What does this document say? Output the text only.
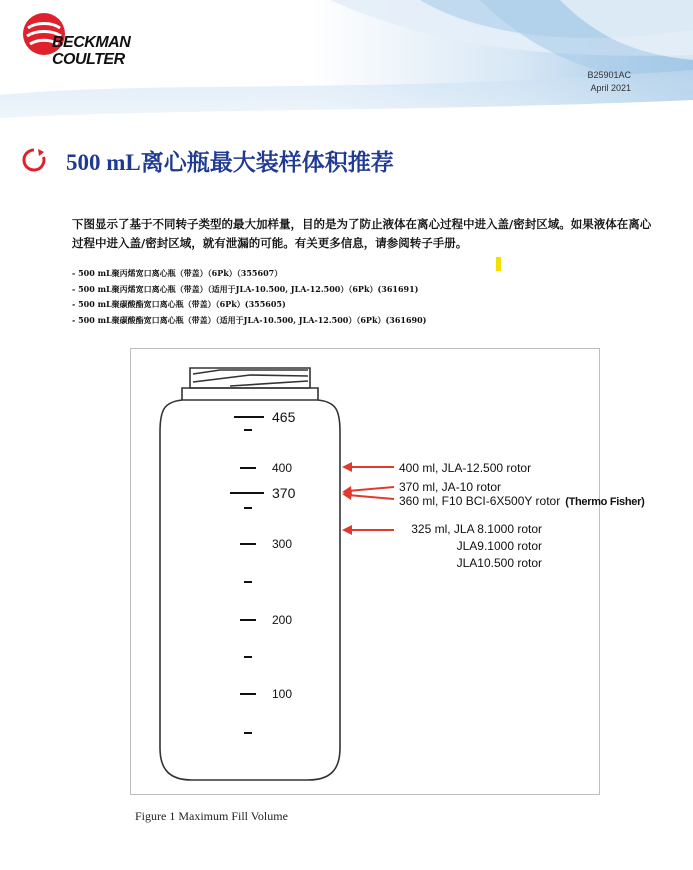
BECKMAN
COULTER
B25901AC
April 2021
500 mL离心瓶最大装样体积推荐
下图显示了基于不同转子类型的最大加样量，目的是为了防止液体在离心过程中进入盖/密封区域。如果液体在离心过程中进入盖/密封区域，就有泄漏的可能。有关更多信息，请参阅转子手册。
- 500 mL聚丙烯宽口离心瓶（带盖）（6Pk）（355607）
- 500 mL聚丙烯宽口离心瓶（带盖）（适用于JLA-10.500, JLA-12.500）（6Pk）(361691)
- 500 mL聚碳酸酯宽口离心瓶（带盖）（6Pk）(355605)
- 500 mL聚碳酸酯宽口离心瓶（带盖）（适用于JLA-10.500, JLA-12.500）（6Pk）(361690)
465
400
370
300
200
100
400 ml, JLA-12.500 rotor
370 ml, JA-10 rotor
360 ml, F10 BCI-6X500Y rotor (Thermo Fisher)
325 ml, JLA 8.1000 rotor
JLA9.1000 rotor
JLA10.500 rotor
Figure 1 Maximum Fill Volume
